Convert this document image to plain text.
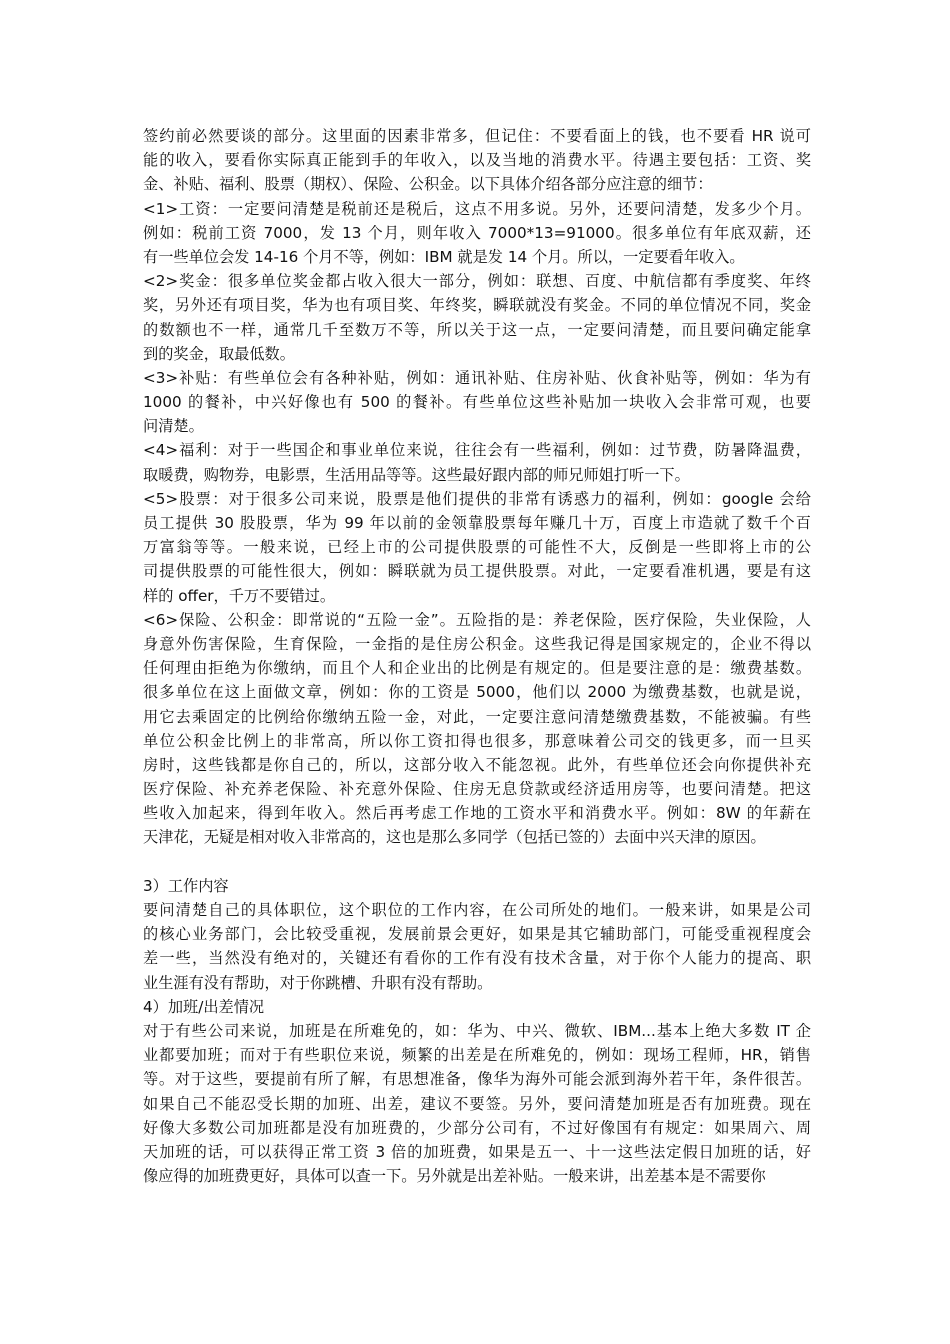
签约前必然要谈的部分。这里面的因素非常多，但记住：不要看面上的钱，也不要看 HR 说可
能的收入，要看你实际真正能到手的年收入，以及当地的消费水平。待遇主要包括：工资、奖
金、补贴、福利、股票（期权）、保险、公积金。以下具体介绍各部分应注意的细节：
<1>工资：一定要问清楚是税前还是税后，这点不用多说。另外，还要问清楚，发多少个月。
例如：税前工资 7000，发 13 个月，则年收入 7000*13=91000。很多单位有年底双薪，还
有一些单位会发 14-16 个月不等，例如：IBM 就是发 14 个月。所以，一定要看年收入。
<2>奖金：很多单位奖金都占收入很大一部分，例如：联想、百度、中航信都有季度奖、年终
奖，另外还有项目奖，华为也有项目奖、年终奖，瞬联就没有奖金。不同的单位情况不同，奖金
的数额也不一样，通常几千至数万不等，所以关于这一点，一定要问清楚，而且要问确定能拿
到的奖金，取最低数。
<3>补贴：有些单位会有各种补贴，例如：通讯补贴、住房补贴、伙食补贴等，例如：华为有
1000 的餐补，中兴好像也有 500 的餐补。有些单位这些补贴加一块收入会非常可观，也要
问清楚。
<4>福利：对于一些国企和事业单位来说，往往会有一些福利，例如：过节费，防暑降温费，
取暖费，购物券，电影票，生活用品等等。这些最好跟内部的师兄师姐打听一下。
<5>股票：对于很多公司来说，股票是他们提供的非常有诱惑力的福利，例如：google 会给
员工提供 30 股股票，华为 99 年以前的金领靠股票每年赚几十万，百度上市造就了数千个百
万富翁等等。一般来说，已经上市的公司提供股票的可能性不大，反倒是一些即将上市的公
司提供股票的可能性很大，例如：瞬联就为员工提供股票。对此，一定要看准机遇，要是有这
样的 offer，千万不要错过。
<6>保险、公积金：即常说的“五险一金”。五险指的是：养老保险，医疗保险，失业保险，人
身意外伤害保险，生育保险，一金指的是住房公积金。这些我记得是国家规定的，企业不得以
任何理由拒绝为你缴纳，而且个人和企业出的比例是有规定的。但是要注意的是：缴费基数。
很多单位在这上面做文章，例如：你的工资是 5000，他们以 2000 为缴费基数，也就是说，
用它去乘固定的比例给你缴纳五险一金，对此，一定要注意问清楚缴费基数，不能被骗。有些
单位公积金比例上的非常高，所以你工资扣得也很多，那意味着公司交的钱更多，而一旦买
房时，这些钱都是你自己的，所以，这部分收入不能忽视。此外，有些单位还会向你提供补充
医疗保险、补充养老保险、补充意外保险、住房无息贷款或经济适用房等，也要问清楚。把这
些收入加起来，得到年收入。然后再考虑工作地的工资水平和消费水平。例如：8W 的年薪在
天津花，无疑是相对收入非常高的，这也是那么多同学（包括已签的）去面中兴天津的原因。
3）工作内容
要问清楚自己的具体职位，这个职位的工作内容，在公司所处的地们。一般来讲，如果是公司
的核心业务部门，会比较受重视，发展前景会更好，如果是其它辅助部门，可能受重视程度会
差一些，当然没有绝对的，关键还有看你的工作有没有技术含量，对于你个人能力的提高、职
业生涯有没有帮助，对于你跳槽、升职有没有帮助。
4）加班/出差情况
对于有些公司来说，加班是在所难免的，如：华为、中兴、微软、IBM...基本上绝大多数 IT 企
业都要加班；而对于有些职位来说，频繁的出差是在所难免的，例如：现场工程师，HR，销售
等。对于这些，要提前有所了解，有思想准备，像华为海外可能会派到海外若干年，条件很苦。
如果自己不能忍受长期的加班、出差，建议不要签。另外，要问清楚加班是否有加班费。现在
好像大多数公司加班都是没有加班费的，少部分公司有，不过好像国有有规定：如果周六、周
天加班的话，可以获得正常工资 3 倍的加班费，如果是五一、十一这些法定假日加班的话，好
像应得的加班费更好，具体可以查一下。另外就是出差补贴。一般来讲，出差基本是不需要你
